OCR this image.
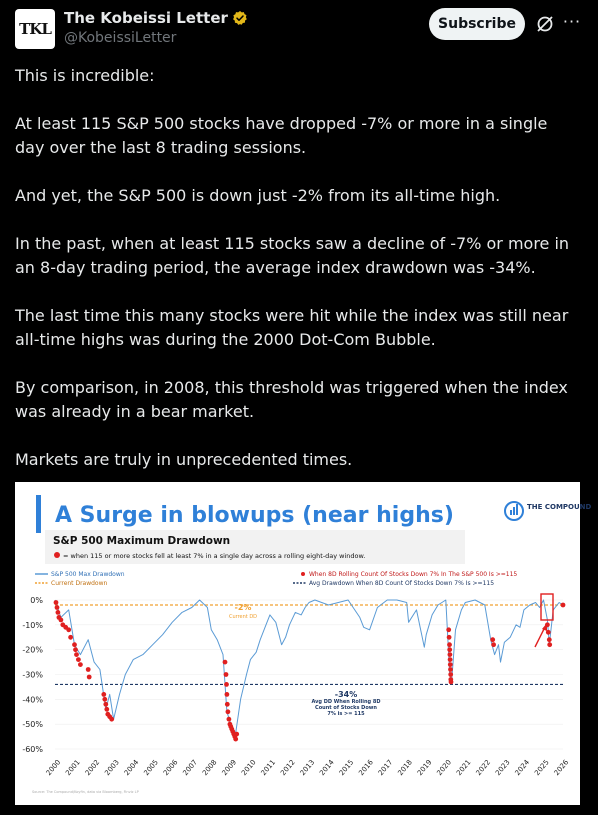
TKL
The Kobeissi Letter
@KobeissiLetter
Subscribe	···

This is incredible:

At least 115 S&P 500 stocks have dropped -7% or more in a single day over the last 8 trading sessions.

And yet, the S&P 500 is down just -2% from its all-time high.

In the past, when at least 115 stocks saw a decline of -7% or more in an 8-day trading period, the average index drawdown was -34%.

The last time this many stocks were hit while the index was still near all-time highs was during the 2000 Dot-Com Bubble.

By comparison, in 2008, this threshold was triggered when the index was already in a bear market.

Markets are truly in unprecedented times.

A Surge in blowups (near highs)	THE COMPOUND
S&P 500 Maximum Drawdown
= when 115 or more stocks fell at least 7% in a single day across a rolling eight-day window.
S&P 500 Max Drawdown
Current Drawdown
When 8D Rolling Count Of Stocks Down 7% In The S&P 500 Is >=115
Avg Drawdown When 8D Count Of Stocks Down 7% Is >=115
0%
-10%
-20%
-30%
-40%
-50%
-60%
2000 2001 2002 2003 2004 2005 2006 2007 2008 2009 2010 2011 2012 2013 2014 2015 2016 2017 2018 2019 2020 2021 2022 2023 2024 2025 2026
-2%
Current DD
-34%
Avg DD When Rolling 8D Count of Stocks Down 7% is >= 115
Source: The Compound/Koyfin, data via Bloomberg, Finviz LP
